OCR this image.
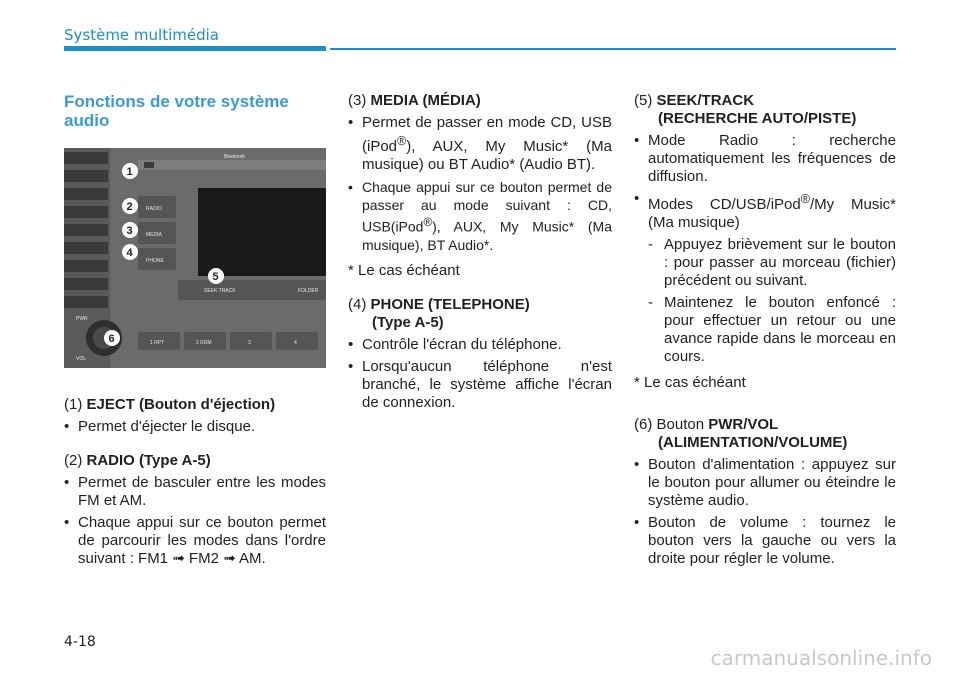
Système multimédia
Fonctions de votre système audio
Bluetooth
RADIO
MEDIA
PHONE
SEEK TRACK	FOLDER
1 RPT	2 RDM	3	4
PWR
VOL
1
2
3
4
5
6

(1) EJECT (Bouton d'éjection)

• Permet d'éjecter le disque.

(2) RADIO (Type A-5)

• Permet de basculer entre les modes FM et AM.
• Chaque appui sur ce bouton permet de parcourir les modes dans l'ordre suivant : FM1 ➟ FM2 ➟ AM.

(3) MEDIA (MÉDIA)

• Permet de passer en mode CD, USB (iPod®), AUX, My Music* (Ma musique) ou BT Audio* (Audio BT).
• Chaque appui sur ce bouton permet de passer au mode suivant : CD, USB(iPod®), AUX, My Music* (Ma musique), BT Audio*.

* Le cas échéant

(4) PHONE (TELEPHONE)
(Type A-5)

• Contrôle l'écran du téléphone.
• Lorsqu'aucun téléphone n'est branché, le système affiche l'écran de connexion.

(5) SEEK/TRACK
(RECHERCHE AUTO/PISTE)

• Mode Radio : recherche automatiquement les fréquences de diffusion.
• Modes CD/USB/iPod®/My Music* (Ma musique)
- Appuyez brièvement sur le bouton : pour passer au morceau (fichier) précédent ou suivant.
- Maintenez le bouton enfoncé : pour effectuer un retour ou une avance rapide dans le morceau en cours.

* Le cas échéant

(6) Bouton PWR/VOL
(ALIMENTATION/VOLUME)

• Bouton d'alimentation : appuyez sur le bouton pour allumer ou éteindre le système audio.
• Bouton de volume : tournez le bouton vers la gauche ou vers la droite pour régler le volume.
4-18
carmanualsonline.info
